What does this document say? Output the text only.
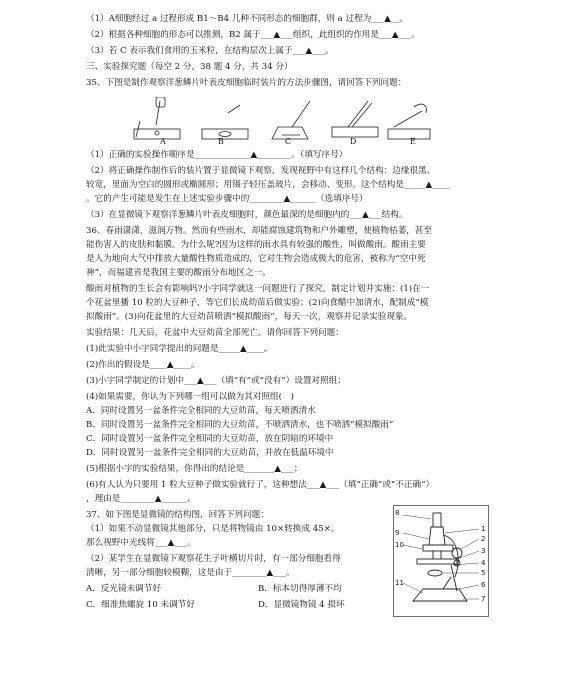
（1）A细胞经过 a 过程形成 B1～B4 几种不同形态的细胞群，则 a 过程为___▲__。
（2）根据各种细胞的形态可以推测，B2 属于___▲___组织，此组织的作用是___▲___。
（3）若 C 表示我们食用的玉米粒，在结构层次上属于___▲___。
三、实验探究题（每空 2 分，38 题 4 分，共 34 分）
35、下图是制作观察洋葱鳞片叶表皮细胞临时装片的方法步骤图，请回答下列问题：
A	B	C	D	E
（1）正确的实验操作顺序是_____________▲________。（填写序号）
（2）将正确操作制作后的装片置于显微镜下观察，发现视野中有这样几个结构：边缘很黑、
较宽，里面为空白的圆形或椭圆形；用镊子轻压盖玻片，会移动、变形。这个结构是_____▲____
。它的产生可能是发生在上述实验步骤中的________▲______（选填序号）
（3）在显微镜下观察洋葱鳞片叶表皮细胞时，颜色最深的是细胞内的___▲___结构。
36、春雨潇潇，滋润万物。然而有些雨水，却能腐蚀建筑物和户外雕塑，使植物枯萎，甚至
能伤害人的皮肤和黏膜。为什么呢?因为这样的雨水具有较强的酸性，叫做酸雨。酸雨主要
是人为地向大气中排放大量酸性物质造成的，它对生物会造成极大的危害，被称为“空中死
神”，而福建省是我国主要的酸雨分布地区之一。
酸雨对植物的生长会有影响吗?小宇同学就这一问题进行了探究，制定计划并实施：(1)在一
个花盆里播 10 粒的大豆种子，等它们长成幼苗后做实验；(2)向食醋中加清水，配制成“模
拟酸雨”。(3)向花盆里的大豆幼苗喷洒“模拟酸雨”，每天一次，观察并记录实验现象。
实验结果：几天后，花盆中大豆幼苗全部死亡。请你回答下列问题：
(1)此实验中小宇同学提出的问题是_____▲____。
(2)作出的假设是____▲____。
(3)小宇同学制定的计划中___▲___（填“有”或“没有”）设置对照组；
(4)如果需要，你认为下列哪一组可以做为其对照组(　)
A．同时设置另一盆条件完全相同的大豆幼苗，每天喷洒清水
B．同时设置另一盆条件完全相同的大豆幼苗，不喷洒清水，也不喷洒“模拟酸雨”
C．同时设置另一盆条件完全相同的大豆幼苗，放在阴暗的环境中
D．同时设置另一盆条件完全相同的大豆幼苗，并放在低温环境中
(5)根据小宇的实验结果，你得出的结论是_______▲___；
(6)有人认为只要用 1 粒大豆种子做实验就行了，这种想法___▲___（填“正确”或“不正确”）
，理由是________▲______。
37、如下图是显微镜的结构图，回答下列问题：
（1）如果不动显微镜其他部分，只是将物镜由 10×转换成 45×，
那么视野中光线将___▲___。
（2）某学生在显微镜下观察花生子叶横切片时，有一部分细胞看得
清晰，另一部分细胞较模糊，这是由于________▲___。
A．反光镜未调节好	B．标本切得厚薄不均
C．细准焦螺旋 10 未调节好	D．显微镜物镜 4 损坏
1
2
3
4
5
6
7
8
9
10
11
